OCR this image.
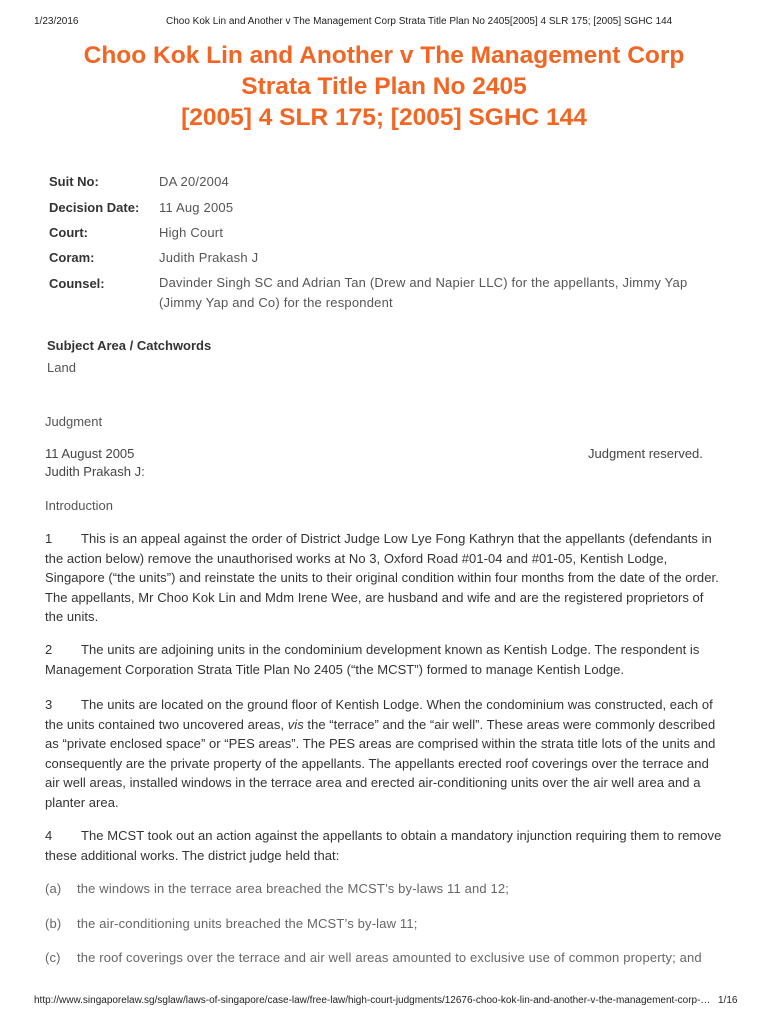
1/23/2016	Choo Kok Lin and Another v The Management Corp Strata Title Plan No 2405[2005] 4 SLR 175; [2005] SGHC 144
Choo Kok Lin and Another v The Management Corp
Strata Title Plan No 2405
[2005] 4 SLR 175; [2005] SGHC 144
Suit No:	DA 20/2004
Decision Date: 11 Aug 2005
Court:	High Court
Coram:	Judith Prakash J
Counsel:	Davinder Singh SC and Adrian Tan (Drew and Napier LLC) for the appellants, Jimmy Yap (Jimmy Yap and Co) for the respondent
Subject Area / Catchwords
Land
Judgment
11 August 2005	Judgment reserved.
Judith Prakash J:
Introduction
1 This is an appeal against the order of District Judge Low Lye Fong Kathryn that the appellants (defendants in the action below) remove the unauthorised works at No 3, Oxford Road #01-04 and #01-05, Kentish Lodge, Singapore (“the units”) and reinstate the units to their original condition within four months from the date of the order. The appellants, Mr Choo Kok Lin and Mdm Irene Wee, are husband and wife and are the registered proprietors of the units.
2 The units are adjoining units in the condominium development known as Kentish Lodge. The respondent is Management Corporation Strata Title Plan No 2405 (“the MCST”) formed to manage Kentish Lodge.
3 The units are located on the ground floor of Kentish Lodge. When the condominium was constructed, each of the units contained two uncovered areas, vis the “terrace” and the “air well”. These areas were commonly described as “private enclosed space” or “PES areas”. The PES areas are comprised within the strata title lots of the units and consequently are the private property of the appellants. The appellants erected roof coverings over the terrace and air well areas, installed windows in the terrace area and erected air-conditioning units over the air well area and a planter area.
4 The MCST took out an action against the appellants to obtain a mandatory injunction requiring them to remove these additional works. The district judge held that:
(a) the windows in the terrace area breached the MCST’s by-laws 11 and 12;
(b) the air-conditioning units breached the MCST’s by-law 11;
(c) the roof coverings over the terrace and air well areas amounted to exclusive use of common property; and
http://www.singaporelaw.sg/sglaw/laws-of-singapore/case-law/free-law/high-court-judgments/12676-choo-kok-lin-and-another-v-the-management-corp-… 1/16
